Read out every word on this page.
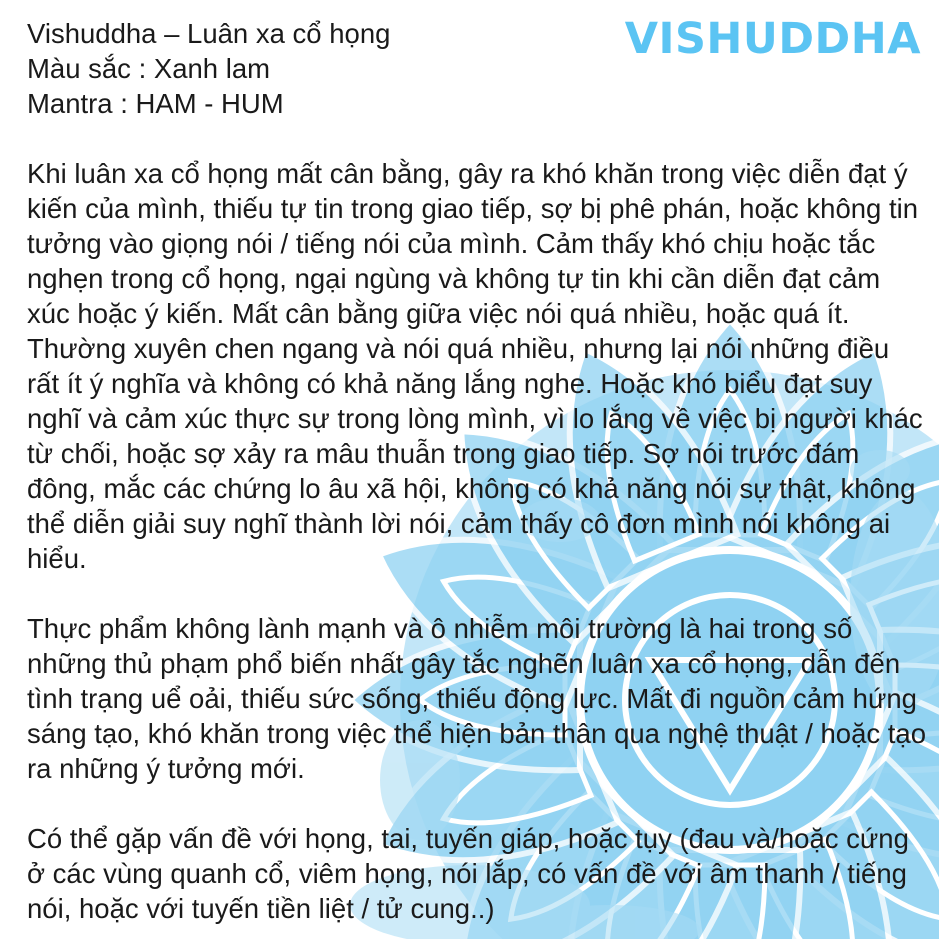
VISHUDDHA

Vishuddha – Luân xa cổ họng

Màu sắc : Xanh lam

Mantra : HAM - HUM

Khi luân xa cổ họng mất cân bằng, gây ra khó khăn trong việc diễn đạt ý kiến của mình, thiếu tự tin trong giao tiếp, sợ bị phê phán, hoặc không tin tưởng vào giọng nói / tiếng nói của mình. Cảm thấy khó chịu hoặc tắc nghẹn trong cổ họng, ngại ngùng và không tự tin khi cần diễn đạt cảm xúc hoặc ý kiến. Mất cân bằng giữa việc nói quá nhiều, hoặc quá ít. Thường xuyên chen ngang và nói quá nhiều, nhưng lại nói những điều rất ít ý nghĩa và không có khả năng lắng nghe. Hoặc khó biểu đạt suy nghĩ và cảm xúc thực sự trong lòng mình, vì lo lắng về việc bị người khác từ chối, hoặc sợ xảy ra mâu thuẫn trong giao tiếp. Sợ nói trước đám đông, mắc các chứng lo âu xã hội, không có khả năng nói sự thật, không thể diễn giải suy nghĩ thành lời nói, cảm thấy cô đơn mình nói không ai hiểu.

Thực phẩm không lành mạnh và ô nhiễm môi trường là hai trong số những thủ phạm phổ biến nhất gây tắc nghẽn luân xa cổ họng, dẫn đến tình trạng uể oải, thiếu sức sống, thiếu động lực. Mất đi nguồn cảm hứng sáng tạo, khó khăn trong việc thể hiện bản thân qua nghệ thuật / hoặc tạo ra những ý tưởng mới.

Có thể gặp vấn đề với họng, tai, tuyến giáp, hoặc tụy (đau và/hoặc cứng ở các vùng quanh cổ, viêm họng, nói lắp, có vấn đề với âm thanh / tiếng nói, hoặc với tuyến tiền liệt / tử cung..)
